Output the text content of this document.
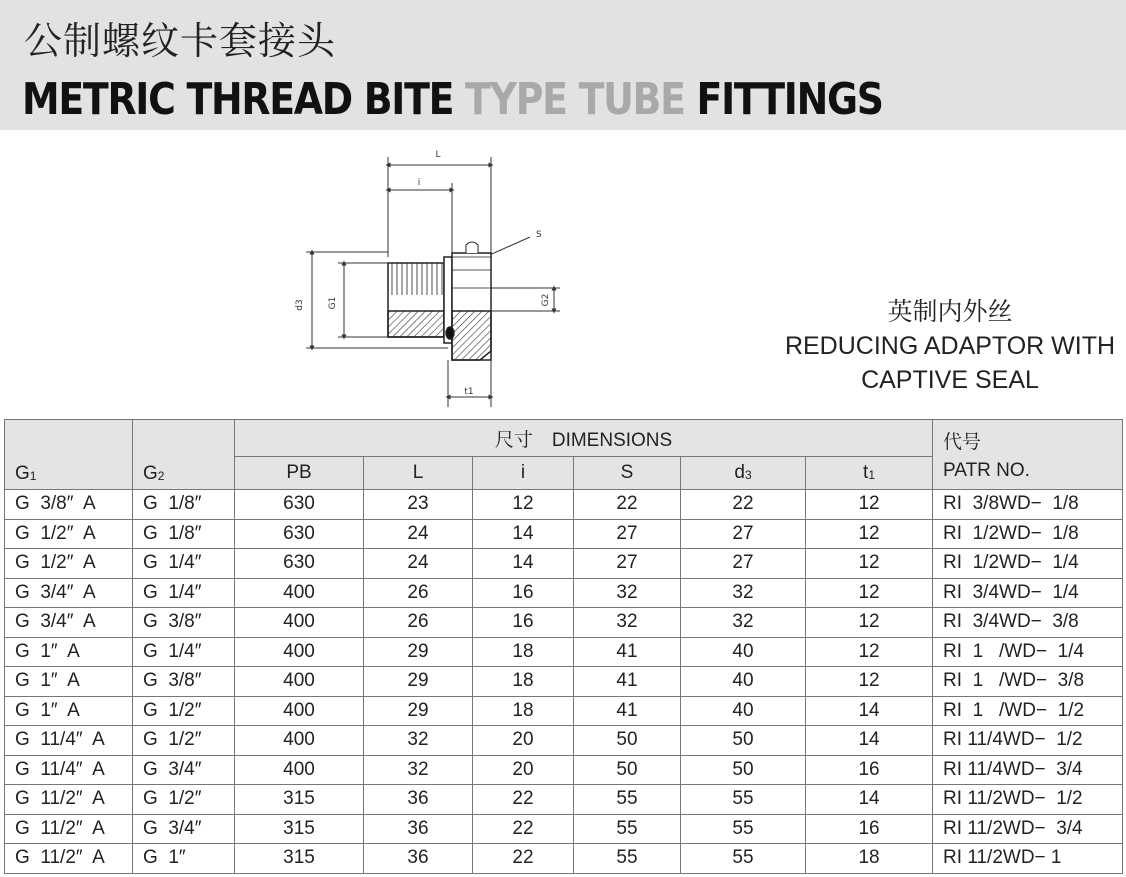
公制螺纹卡套接头
METRIC THREAD BITE TYPE TUBE FITTINGS
L
i
S
d3	G1	G2
t1
英制内外丝
REDUCING ADAPTOR WITH
CAPTIVE SEAL
$G_1$	$G_2$	尺寸　DIMENSIONS						代号
PATR NO.

		PB	L	i	S	$d_3$	$t_1$
G  3/8″  A	G  1/8″	630	23	12	22	22	12	RI  3/8WD−  1/8
G  1/2″  A	G  1/8″	630	24	14	27	27	12	RI  1/2WD−  1/8
G  1/2″  A	G  1/4″	630	24	14	27	27	12	RI  1/2WD−  1/4
G  3/4″  A	G  1/4″	400	26	16	32	32	12	RI  3/4WD−  1/4
G  3/4″  A	G  3/8″	400	26	16	32	32	12	RI  3/4WD−  3/8
G  1″  A	G  1/4″	400	29	18	41	40	12	RI  1   /WD−  1/4
G  1″  A	G  3/8″	400	29	18	41	40	12	RI  1   /WD−  3/8
G  1″  A	G  1/2″	400	29	18	41	40	14	RI  1   /WD−  1/2
G  11/4″  A	G  1/2″	400	32	20	50	50	14	RI 11/4WD−  1/2
G  11/4″  A	G  3/4″	400	32	20	50	50	16	RI 11/4WD−  3/4
G  11/2″  A	G  1/2″	315	36	22	55	55	14	RI 11/2WD−  1/2
G  11/2″  A	G  3/4″	315	36	22	55	55	16	RI 11/2WD−  3/4
G  11/2″  A	G  1″	315	36	22	55	55	18	RI 11/2WD− 1
